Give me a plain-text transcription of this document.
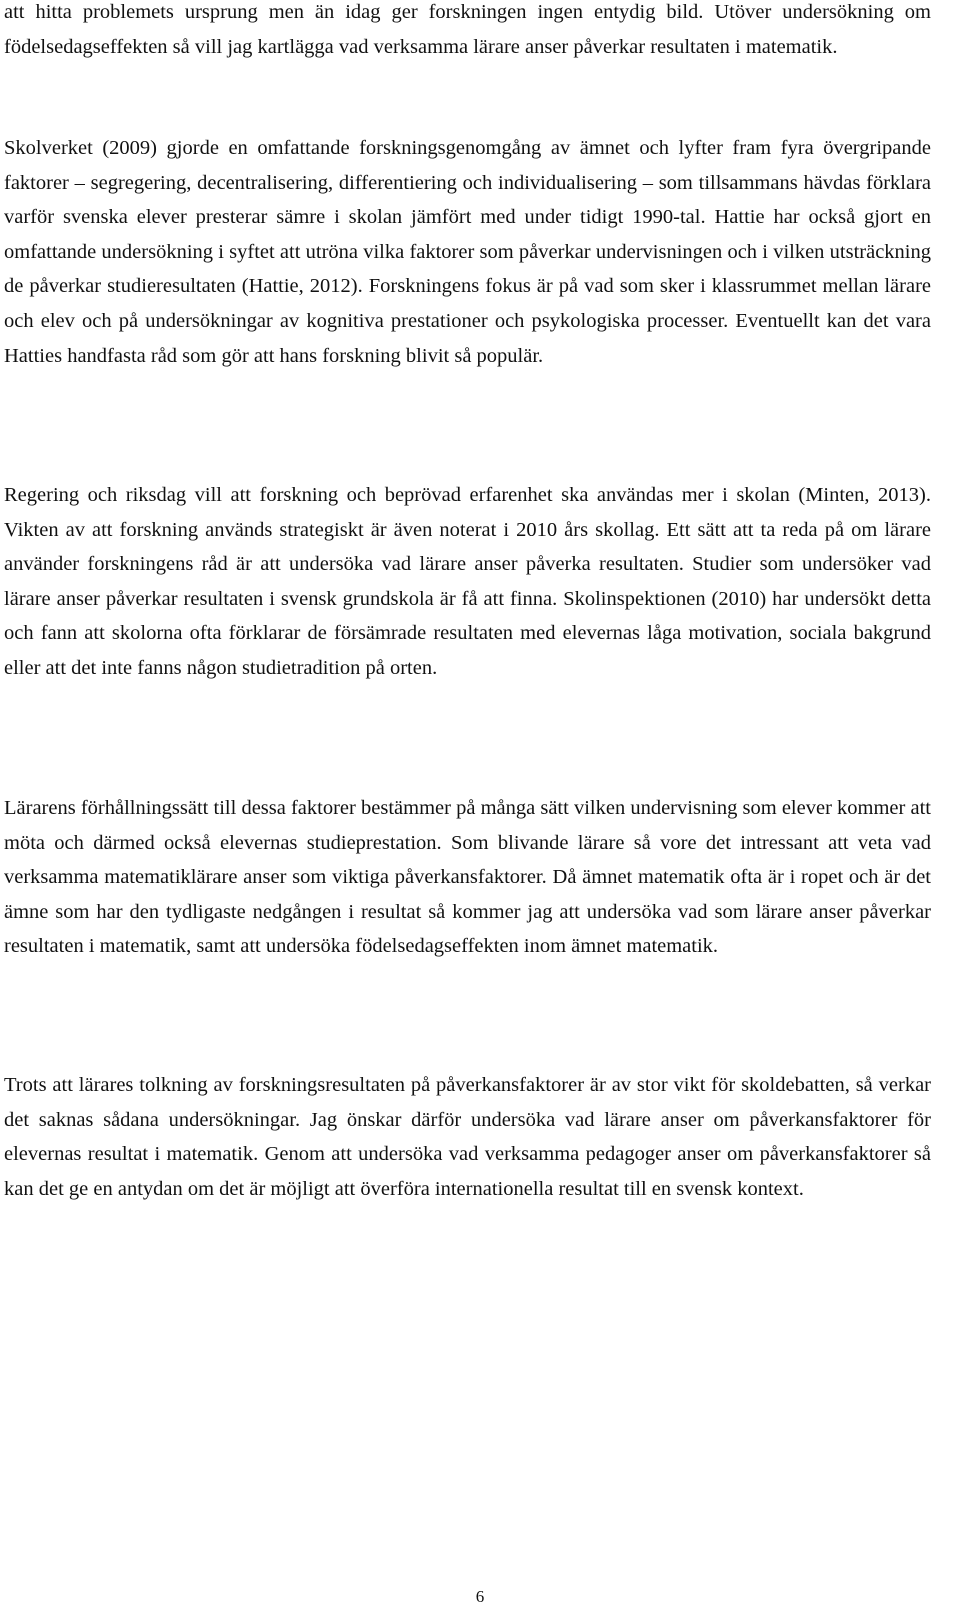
att hitta problemets ursprung men än idag ger forskningen ingen entydig bild. Utöver undersökning om födelsedagseffekten så vill jag kartlägga vad verksamma lärare anser påverkar resultaten i matematik.

Skolverket (2009) gjorde en omfattande forskningsgenomgång av ämnet och lyfter fram fyra övergripande faktorer – segregering, decentralisering, differentiering och individualisering – som tillsammans hävdas förklara varför svenska elever presterar sämre i skolan jämfört med under tidigt 1990-tal. Hattie har också gjort en omfattande undersökning i syftet att utröna vilka faktorer som påverkar undervisningen och i vilken utsträckning de påverkar studieresultaten (Hattie, 2012). Forskningens fokus är på vad som sker i klassrummet mellan lärare och elev och på undersökningar av kognitiva prestationer och psykologiska processer. Eventuellt kan det vara Hatties handfasta råd som gör att hans forskning blivit så populär.

Regering och riksdag vill att forskning och beprövad erfarenhet ska användas mer i skolan (Minten, 2013). Vikten av att forskning används strategiskt är även noterat i 2010 års skollag. Ett sätt att ta reda på om lärare använder forskningens råd är att undersöka vad lärare anser påverka resultaten. Studier som undersöker vad lärare anser påverkar resultaten i svensk grundskola är få att finna. Skolinspektionen (2010) har undersökt detta och fann att skolorna ofta förklarar de försämrade resultaten med elevernas låga motivation, sociala bakgrund eller att det inte fanns någon studietradition på orten.

Lärarens förhållningssätt till dessa faktorer bestämmer på många sätt vilken undervisning som elever kommer att möta och därmed också elevernas studieprestation. Som blivande lärare så vore det intressant att veta vad verksamma matematiklärare anser som viktiga påverkansfaktorer. Då ämnet matematik ofta är i ropet och är det ämne som har den tydligaste nedgången i resultat så kommer jag att undersöka vad som lärare anser påverkar resultaten i matematik, samt att undersöka födelsedagseffekten inom ämnet matematik.

Trots att lärares tolkning av forskningsresultaten på påverkansfaktorer är av stor vikt för skoldebatten, så verkar det saknas sådana undersökningar. Jag önskar därför undersöka vad lärare anser om påverkansfaktorer för elevernas resultat i matematik. Genom att undersöka vad verksamma pedagoger anser om påverkansfaktorer så kan det ge en antydan om det är möjligt att överföra internationella resultat till en svensk kontext.

6
